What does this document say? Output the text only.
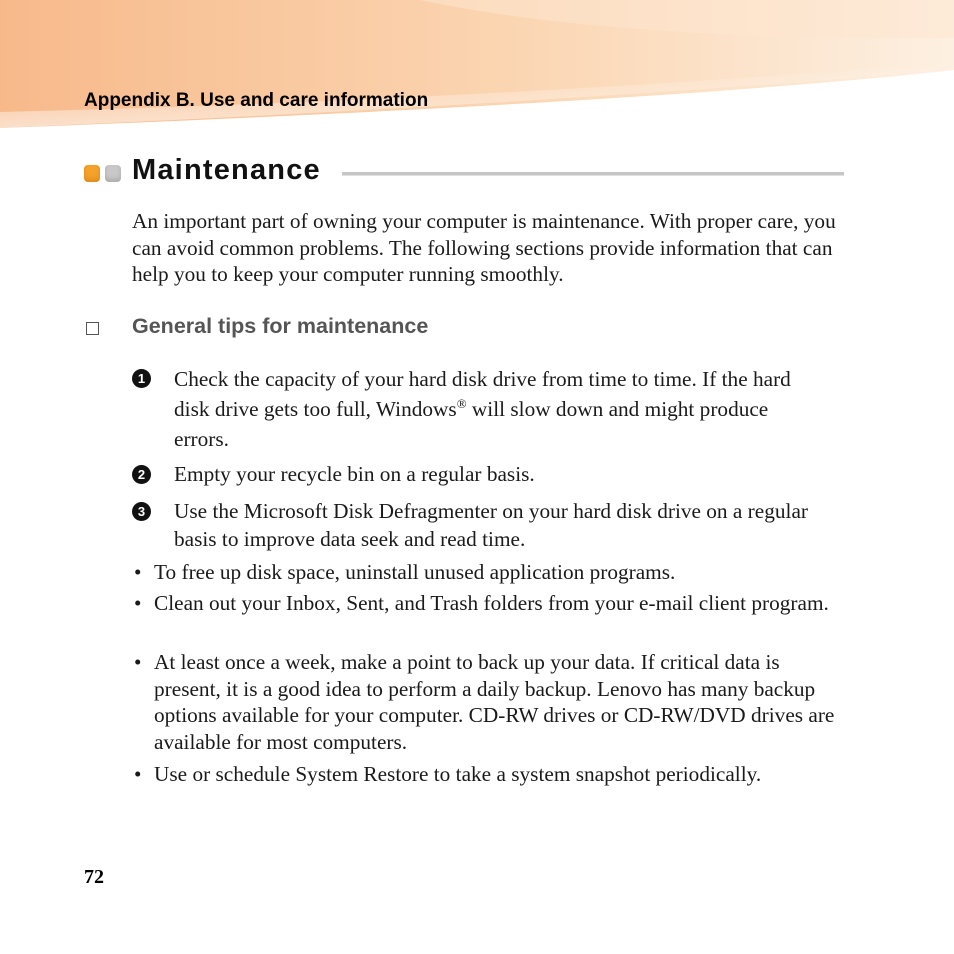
Appendix B. Use and care information
Maintenance

An important part of owning your computer is maintenance. With proper care, you can avoid common problems. The following sections provide information that can help you to keep your computer running smoothly.

General tips for maintenance
1 Check the capacity of your hard disk drive from time to time. If the hard disk drive gets too full, Windows® will slow down and might produce errors.
2 Empty your recycle bin on a regular basis.
3 Use the Microsoft Disk Defragmenter on your hard disk drive on a regular basis to improve data seek and read time.
• To free up disk space, uninstall unused application programs.
• Clean out your Inbox, Sent, and Trash folders from your e-mail client program.
• At least once a week, make a point to back up your data. If critical data is present, it is a good idea to perform a daily backup. Lenovo has many backup options available for your computer. CD-RW drives or CD-RW/DVD drives are available for most computers.
• Use or schedule System Restore to take a system snapshot periodically.
72
